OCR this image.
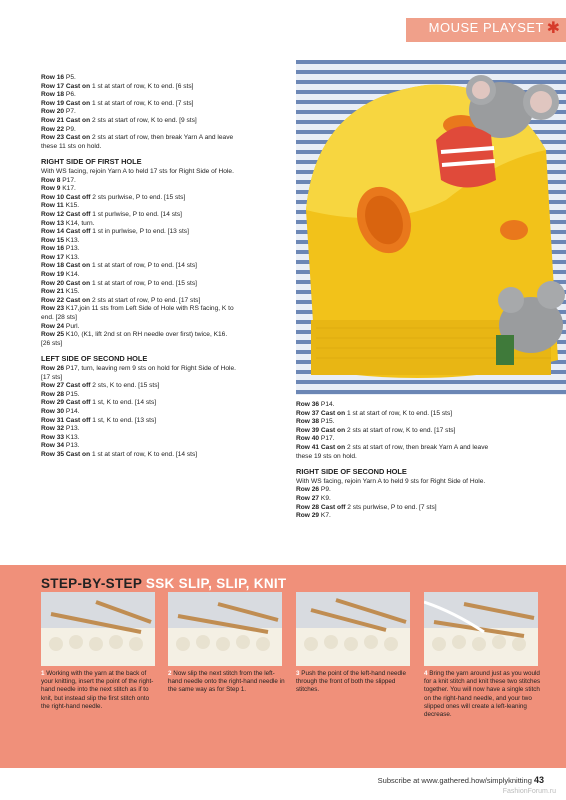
MOUSE PLAYSET ✱

Row 16 P5.

Row 17 Cast on 1 st at start of row, K to end. [6 sts]

Row 18 P6.

Row 19 Cast on 1 st at start of row, K to end. [7 sts]

Row 20 P7.

Row 21 Cast on 2 sts at start of row, K to end. [9 sts]

Row 22 P9.

Row 23 Cast on 2 sts at start of row, then break Yarn A and leave

these 11 sts on hold.

RIGHT SIDE OF FIRST HOLE

With WS facing, rejoin Yarn A to held 17 sts for Right Side of Hole.

Row 8 P17.

Row 9 K17.

Row 10 Cast off 2 sts purlwise, P to end. [15 sts]

Row 11 K15.

Row 12 Cast off 1 st purlwise, P to end. [14 sts]

Row 13 K14, turn.

Row 14 Cast off 1 st in purlwise, P to end. [13 sts]

Row 15 K13.

Row 16 P13.

Row 17 K13.

Row 18 Cast on 1 st at start of row, P to end. [14 sts]

Row 19 K14.

Row 20 Cast on 1 st at start of row, P to end. [15 sts]

Row 21 K15.

Row 22 Cast on 2 sts at start of row, P to end. [17 sts]

Row 23 K17,join 11 sts from Left Side of Hole with RS facing, K to

end. [28 sts]

Row 24 Purl.

Row 25 K10, (K1, lift 2nd st on RH needle over first) twice, K16.

[26 sts]

LEFT SIDE OF SECOND HOLE

Row 26 P17, turn, leaving rem 9 sts on hold for Right Side of Hole.

[17 sts]

Row 27 Cast off 2 sts, K to end. [15 sts]

Row 28 P15.

Row 29 Cast off 1 st, K to end. [14 sts]

Row 30 P14.

Row 31 Cast off 1 st, K to end. [13 sts]

Row 32 P13.

Row 33 K13.

Row 34 P13.

Row 35 Cast on 1 st at start of row, K to end. [14 sts]

Row 36 P14.

Row 37 Cast on 1 st at start of row, K to end. [15 sts]

Row 38 P15.

Row 39 Cast on 2 sts at start of row, K to end. [17 sts]

Row 40 P17.

Row 41 Cast on 2 sts at start of row, then break Yarn A and leave

these 19 sts on hold.

RIGHT SIDE OF SECOND HOLE

With WS facing, rejoin Yarn A to held 9 sts for Right Side of Hole.

Row 26 P9.

Row 27 K9.

Row 28 Cast off 2 sts purlwise, P to end. [7 sts]

Row 29 K7.

STEP-BY-STEP SSK SLIP, SLIP, KNIT
1 Working with the yarn at the back of your knitting, insert the point of the right-hand needle into the next stitch as if to knit, but instead slip the first stitch onto the right-hand needle.
2 Now slip the next stitch from the left-hand needle onto the right-hand needle in the same way as for Step 1.
3 Push the point of the left-hand needle through the front of both the slipped stitches.
4 Bring the yarn around just as you would for a knit stitch and knit these two stitches together. You will now have a single stitch on the right-hand needle, and your two slipped ones will create a left-leaning decrease.
Subscribe at www.gathered.how/simplyknitting 43
FashionForum.ru
